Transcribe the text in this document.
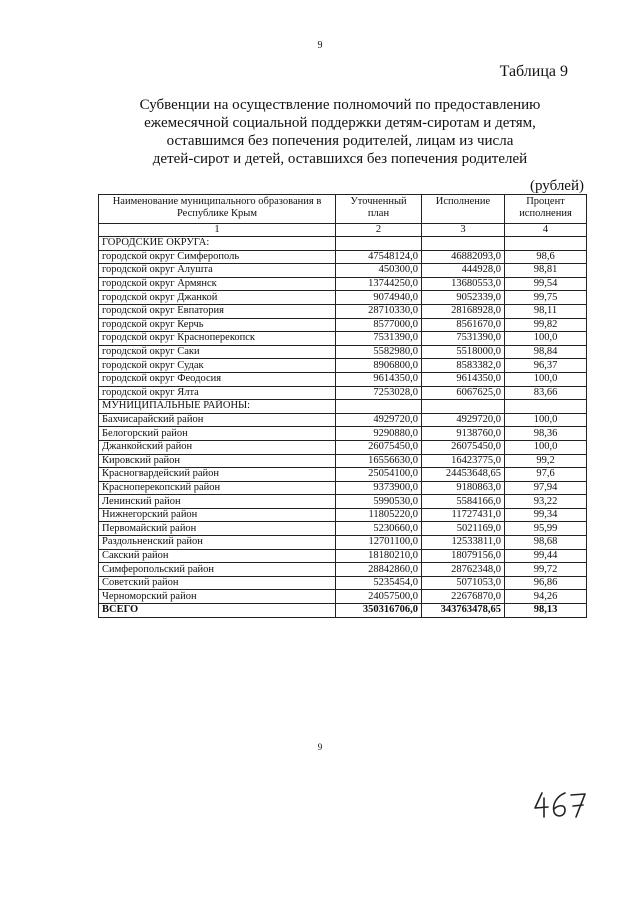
9
Таблица 9
Субвенции на осуществление полномочий по предоставлению
ежемесячной социальной поддержки детям-сиротам и детям,
оставшимся без попечения родителей, лицам из числа
детей-сирот и детей, оставшихся без попечения родителей
(рублей)
Наименование муниципального образования в Республике Крым	Уточненный план	Исполнение	Процент исполнения
1	2	3	4
ГОРОДСКИЕ ОКРУГА:			
городской округ Симферополь	47548124,0	46882093,0	98,6
городской округ Алушта	450300,0	444928,0	98,81
городской округ Армянск	13744250,0	13680553,0	99,54
городской округ Джанкой	9074940,0	9052339,0	99,75
городской округ Евпатория	28710330,0	28168928,0	98,11
городской округ Керчь	8577000,0	8561670,0	99,82
городской округ Красноперекопск	7531390,0	7531390,0	100,0
городской округ Саки	5582980,0	5518000,0	98,84
городской округ Судак	8906800,0	8583382,0	96,37
городской округ Феодосия	9614350,0	9614350,0	100,0
городской округ Ялта	7253028,0	6067625,0	83,66
МУНИЦИПАЛЬНЫЕ РАЙОНЫ:			
Бахчисарайский район	4929720,0	4929720,0	100,0
Белогорский район	9290880,0	9138760,0	98,36
Джанкойский район	26075450,0	26075450,0	100,0
Кировский район	16556630,0	16423775,0	99,2
Красногвардейский район	25054100,0	24453648,65	97,6
Красноперекопский район	9373900,0	9180863,0	97,94
Ленинский район	5990530,0	5584166,0	93,22
Нижнегорский район	11805220,0	11727431,0	99,34
Первомайский район	5230660,0	5021169,0	95,99
Раздольненский район	12701100,0	12533811,0	98,68
Сакский район	18180210,0	18079156,0	99,44
Симферопольский район	28842860,0	28762348,0	99,72
Советский район	5235454,0	5071053,0	96,86
Черноморский район	24057500,0	22676870,0	94,26
ВСЕГО	350316706,0	343763478,65	98,13
9
